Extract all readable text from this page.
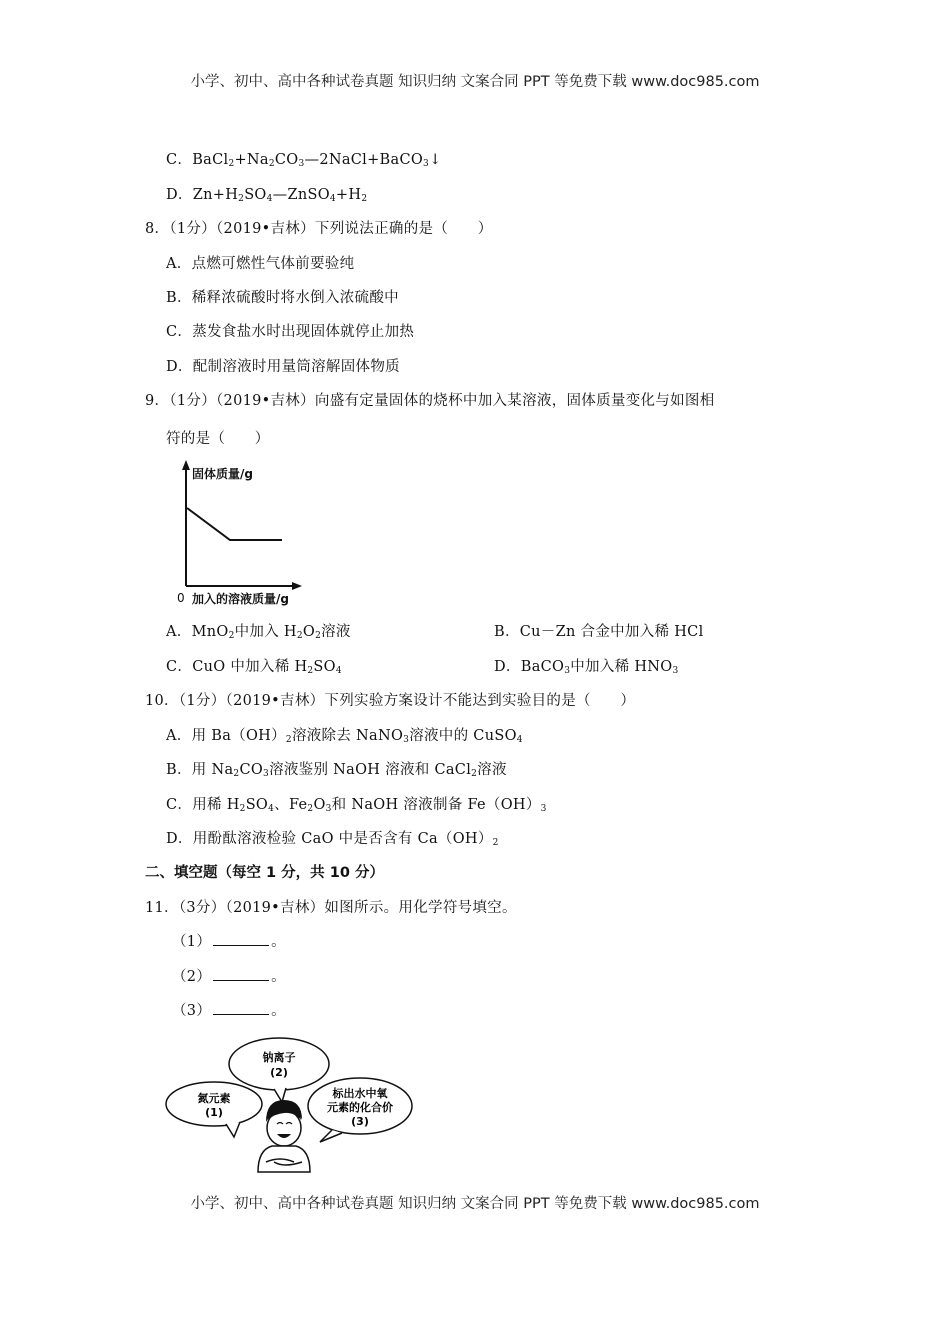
小学、初中、高中各种试卷真题 知识归纳 文案合同 PPT 等免费下载 www.doc985.com
C．$BaCl_2+Na_2CO_3—2NaCl+BaCO_3↓$
D．$Zn+H_2SO_4—ZnSO_4+H_2$
8．（1分）（2019•吉林）下列说法正确的是（　　）
A．点燃可燃性气体前要验纯
B．稀释浓硫酸时将水倒入浓硫酸中
C．蒸发食盐水时出现固体就停止加热
D．配制溶液时用量筒溶解固体物质
9．（1分）（2019•吉林）向盛有定量固体的烧杯中加入某溶液，固体质量变化与如图相
符的是（　　）
固体质量/g
0 加入的溶液质量/g
A．MnO$_2$中加入 $H_2O_2$溶液	B．Cu－Zn 合金中加入稀 HCl
C．CuO 中加入稀 $H_2SO_4$	D．BaCO$_3$中加入稀 $HNO_3$
10．（1分）（2019•吉林）下列实验方案设计不能达到实验目的是（　　）
A．用 $Ba(OH)_2$溶液除去 NaNO$_3$溶液中的 CuSO$_4$
B．用 $Na_2CO_3$溶液鉴别 NaOH 溶液和 CaCl$_2$溶液
C．用稀 $H_2SO_4$、$Fe_2O_3$和 NaOH 溶液制备 $Fe(OH)_3$
D．用酚酞溶液检验 CaO 中是否含有 $Ca(OH)_2$
二、填空题（每空 1 分，共 10 分）
11．（3分）（2019•吉林）如图所示。用化学符号填空。
（1）	。
（2）	。
（3）	。
钠离子
(2)
氮元素
(1)
标出水中氧
元素的化合价
(3)
小学、初中、高中各种试卷真题 知识归纳 文案合同 PPT 等免费下载 www.doc985.com
